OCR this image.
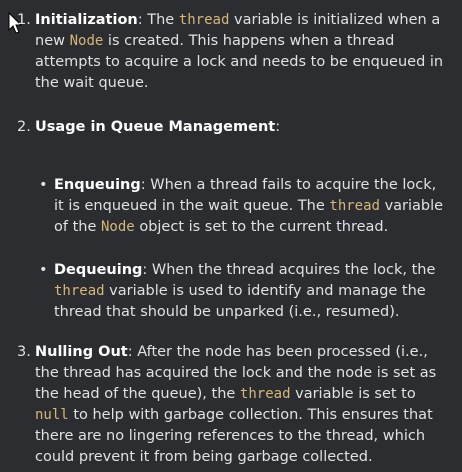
1. Initialization: The thread variable is initialized when a new Node is created. This happens when a thread attempts to acquire a lock and needs to be enqueued in the wait queue.
2. Usage in Queue Management:
• Enqueuing: When a thread fails to acquire the lock, it is enqueued in the wait queue. The thread variable of the Node object is set to the current thread.
• Dequeuing: When the thread acquires the lock, the thread variable is used to identify and manage the thread that should be unparked (i.e., resumed).
3. Nulling Out: After the node has been processed (i.e., the thread has acquired the lock and the node is set as the head of the queue), the thread variable is set to null to help with garbage collection. This ensures that there are no lingering references to the thread, which could prevent it from being garbage collected.
